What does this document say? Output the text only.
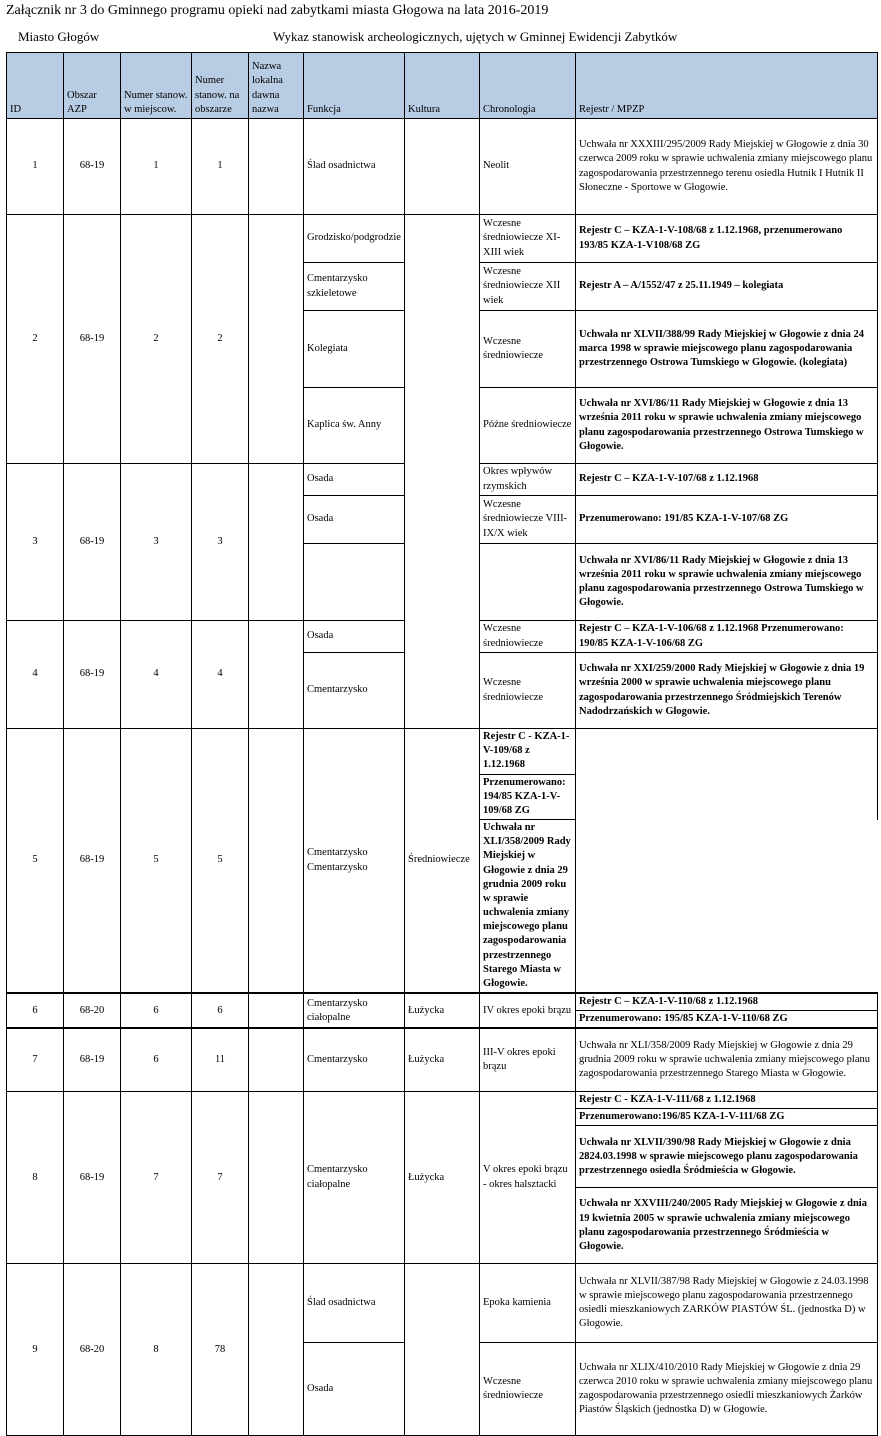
Załącznik nr 3 do Gminnego programu opieki nad zabytkami miasta Głogowa na lata 2016-2019
Miasto Głogów	Wykaz stanowisk archeologicznych, ujętych w Gminnej Ewidencji Zabytków
ID	Obszar AZP	Numer stanow. w miejscow.	Numer stanow. na obszarze	Nazwa lokalna dawna nazwa	Funkcja	Kultura	Chronologia	Rejestr / MPZP	
1	68-19	1	1		Ślad osadnictwa		Neolit	Uchwała nr XXXIII/295/2009 Rady Miejskiej w Głogowie z dnia 30 czerwca 2009 roku w sprawie uchwalenia zmiany miejscowego planu zagospodarowania przestrzennego terenu osiedla Hutnik I Hutnik II Słoneczne - Sportowe w Głogowie.	
2	68-19	2	2		Grodzisko/podgrodzie		Wczesne średniowiecze XI-XIII wiek	Rejestr C – KZA-1-V-108/68 z 1.12.1968, przenumerowano 193/85 KZA-1-V108/68 ZG	
					Cmentarzysko szkieletowe		Wczesne średniowiecze XII wiek	Rejestr A – A/1552/47 z 25.11.1949 – kolegiata	
					Kolegiata		Wczesne średniowiecze	Uchwała nr XLVII/388/99 Rady Miejskiej w Głogowie z dnia 24 marca 1998 w sprawie miejscowego planu zagospodarowania przestrzennego Ostrowa Tumskiego w Głogowie. (kolegiata)	
					Kaplica św. Anny		Późne średniowiecze	Uchwała nr XVI/86/11 Rady Miejskiej w Głogowie z dnia 13 września 2011 roku w sprawie uchwalenia zmiany miejscowego planu zagospodarowania przestrzennego Ostrowa Tumskiego w Głogowie.	
3	68-19	3	3		Osada		Okres wpływów rzymskich	Rejestr C – KZA-1-V-107/68 z 1.12.1968	
					Osada		Wczesne średniowiecze VIII-IX/X wiek	Przenumerowano: 191/85 KZA-1-V-107/68 ZG	
								Uchwała nr XVI/86/11 Rady Miejskiej w Głogowie z dnia 13 września 2011 roku w sprawie uchwalenia zmiany miejscowego planu zagospodarowania przestrzennego Ostrowa Tumskiego w Głogowie.	
4	68-19	4	4		Osada		Wczesne średniowiecze	Rejestr C – KZA-1-V-106/68 z 1.12.1968 Przenumerowano: 190/85 KZA-1-V-106/68 ZG	
					Cmentarzysko		Wczesne średniowiecze	Uchwała nr XXI/259/2000 Rady Miejskiej w Głogowie z dnia 19 września 2000 w sprawie uchwalenia miejscowego planu zagospodarowania przestrzennego Śródmiejskich Terenów Nadodrzańskich w Głogowie.	
5	68-19	5	5		Cmentarzysko Cmentarzysko	Średniowiecze	Rejestr C - KZA-1-V-109/68 z 1.12.1968		
							Przenumerowano: 194/85 KZA-1-V-109/68 ZG		
							Uchwała nr XLI/358/2009 Rady Miejskiej w Głogowie z dnia 29 grudnia 2009 roku w sprawie uchwalenia zmiany miejscowego planu zagospodarowania przestrzennego Starego Miasta w Głogowie.		
6	68-20	6	6		Cmentarzysko ciałopalne	Łużycka	IV okres epoki brązu	Rejestr C – KZA-1-V-110/68 z 1.12.1968	
								Przenumerowano: 195/85 KZA-1-V-110/68 ZG	
7	68-19	6	11		Cmentarzysko	Łużycka	III-V okres epoki brązu	Uchwała nr XLI/358/2009 Rady Miejskiej w Głogowie z dnia 29 grudnia 2009 roku w sprawie uchwalenia zmiany miejscowego planu zagospodarowania przestrzennego Starego Miasta w Głogowie.	
8	68-19	7	7		Cmentarzysko ciałopalne	Łużycka	V okres epoki brązu - okres halsztacki	Rejestr C - KZA-1-V-111/68 z 1.12.1968	
								Przenumerowano:196/85 KZA-1-V-111/68 ZG	
								Uchwała nr XLVII/390/98 Rady Miejskiej w Głogowie z dnia 2824.03.1998 w sprawie miejscowego planu zagospodarowania przestrzennego osiedla Śródmieścia w Głogowie.	
								Uchwała nr XXVIII/240/2005 Rady Miejskiej w Głogowie z dnia 19 kwietnia 2005 w sprawie uchwalenia zmiany miejscowego planu zagospodarowania przestrzennego Śródmieścia w Głogowie.	
9	68-20	8	78		Ślad osadnictwa		Epoka kamienia	Uchwała nr XLVII/387/98 Rady Miejskiej w Głogowie z 24.03.1998 w sprawie miejscowego planu zagospodarowania przestrzennego osiedli mieszkaniowych ZARKÓW PIASTÓW ŚL. (jednostka D) w Głogowie.	
					Osada		Wczesne średniowiecze	Uchwała nr XLIX/410/2010 Rady Miejskiej w Głogowie z dnia 29 czerwca 2010 roku w sprawie uchwalenia zmiany miejscowego planu zagospodarowania przestrzennego osiedli mieszkaniowych Żarków Piastów Śląskich (jednostka D) w Głogowie.	
